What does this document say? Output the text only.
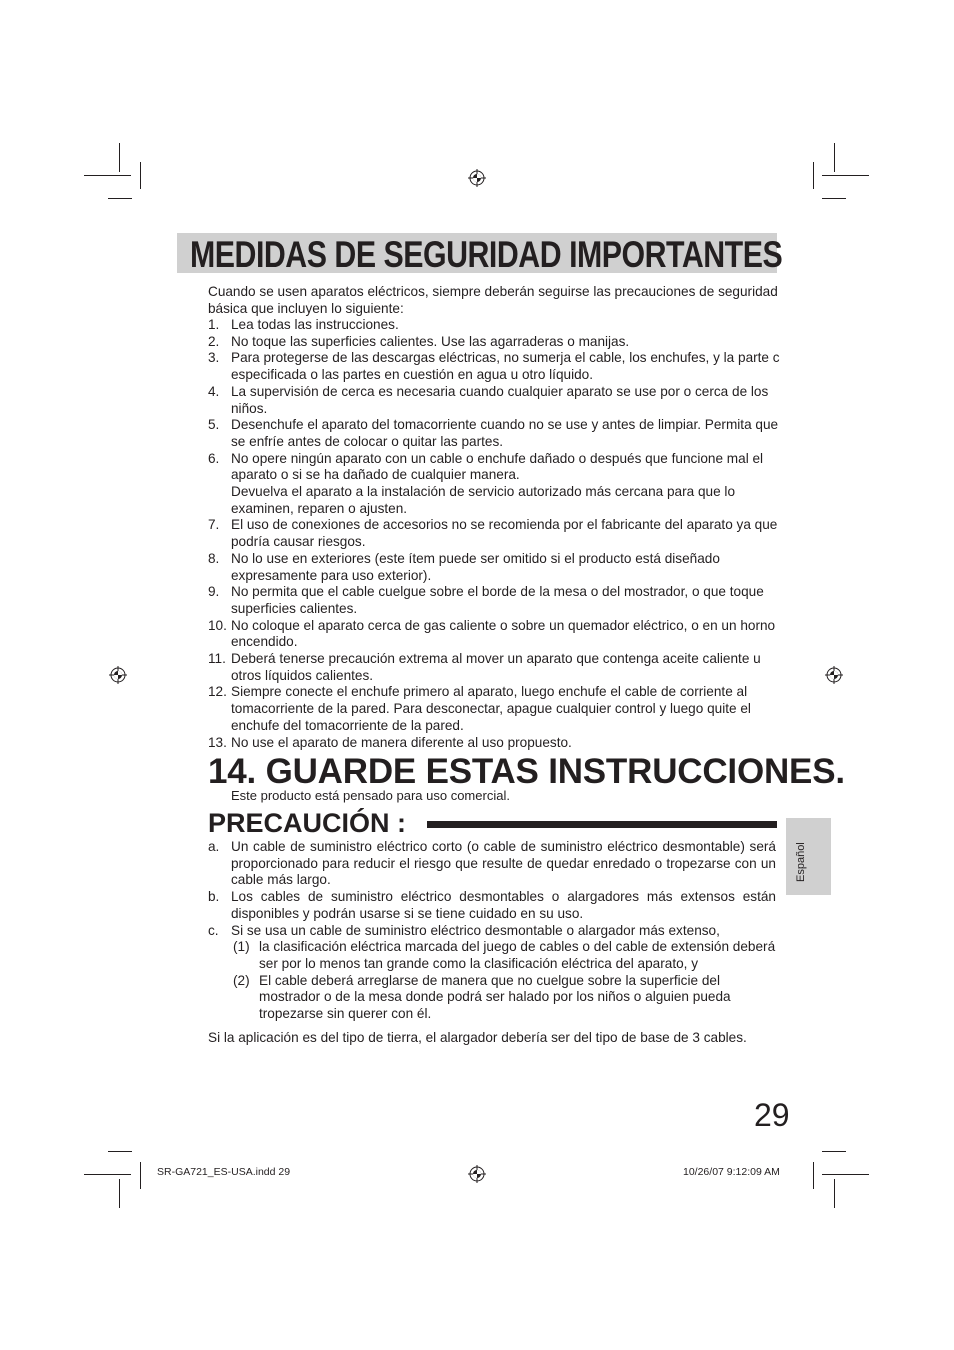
MEDIDAS DE SEGURIDAD IMPORTANTES
Cuando se usen aparatos eléctricos, siempre deberán seguirse las precauciones de seguridad básica que incluyen lo siguiente:
1. Lea todas las instrucciones.
2. No toque las superficies calientes. Use las agarraderas o manijas.
3. Para protegerse de las descargas eléctricas, no sumerja el cable, los enchufes, y la parte c especificada o las partes en cuestión en agua u otro líquido.
4. La supervisión de cerca es necesaria cuando cualquier aparato se use por o cerca de los niños.
5. Desenchufe el aparato del tomacorriente cuando no se use y antes de limpiar. Permita que se enfríe antes de colocar o quitar las partes.
6. No opere ningún aparato con un cable o enchufe dañado o después que funcione mal el aparato o si se ha dañado de cualquier manera.
Devuelva el aparato a la instalación de servicio autorizado más cercana para que lo examinen, reparen o ajusten.
7. El uso de conexiones de accesorios no se recomienda por el fabricante del aparato ya que podría causar riesgos.
8. No lo use en exteriores (este ítem puede ser omitido si el producto está diseñado expresamente para uso exterior).
9. No permita que el cable cuelgue sobre el borde de la mesa o del mostrador, o que toque superficies calientes.
10. No coloque el aparato cerca de gas caliente o sobre un quemador eléctrico, o en un horno encendido.
11. Deberá tenerse precaución extrema al mover un aparato que contenga aceite caliente u otros líquidos calientes.
12. Siempre conecte el enchufe primero al aparato, luego enchufe el cable de corriente al tomacorriente de la pared. Para desconectar, apague cualquier control y luego quite el enchufe del tomacorriente de la pared.
13. No use el aparato de manera diferente al uso propuesto.
14. GUARDE ESTAS INSTRUCCIONES.
Este producto está pensado para uso comercial.
PRECAUCIÓN :
a. Un cable de suministro eléctrico corto (o cable de suministro eléctrico desmontable) será proporcionado para reducir el riesgo que resulte de quedar enredado o tropezarse con un cable más largo.
b. Los cables de suministro eléctrico desmontables o alargadores más extensos están disponibles y podrán usarse si se tiene cuidado en su uso.
c. Si se usa un cable de suministro eléctrico desmontable o alargador más extenso,
(1) la clasificación eléctrica marcada del juego de cables o del cable de extensión deberá ser por lo menos tan grande como la clasificación eléctrica del aparato, y
(2) El cable deberá arreglarse de manera que no cuelgue sobre la superficie del mostrador o de la mesa donde podrá ser halado por los niños o alguien pueda tropezarse sin querer con él.
Si la aplicación es del tipo de tierra, el alargador debería ser del tipo de base de 3 cables.
Español
29
SR-GA721_ES-USA.indd 29	10/26/07 9:12:09 AM
